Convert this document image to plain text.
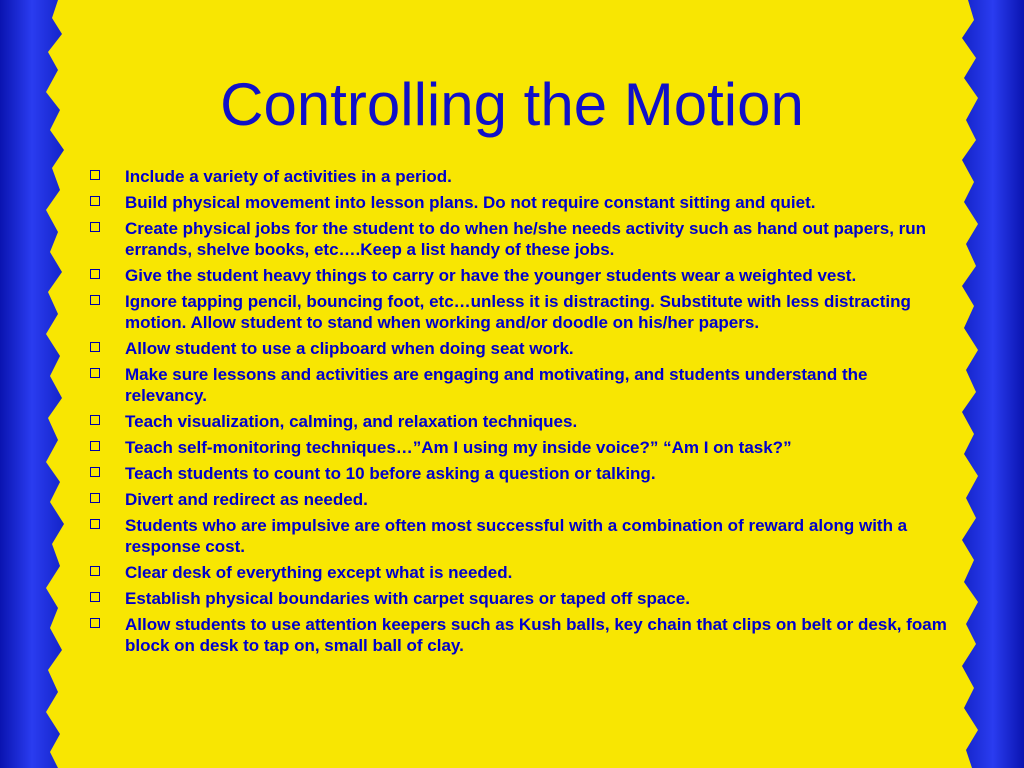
Controlling the Motion
Include a variety of activities in a period.
Build physical movement into lesson plans. Do not require constant sitting and quiet.
Create physical jobs for the student to do when he/she needs activity such as hand out papers, run errands, shelve books, etc….Keep a list handy of these jobs.
Give the student heavy things to carry or have the younger students wear a weighted vest.
Ignore tapping pencil, bouncing foot, etc…unless it is distracting. Substitute with less distracting motion. Allow student to stand when working and/or doodle on his/her papers.
Allow student to use a clipboard when doing seat work.
Make sure lessons and activities are engaging and motivating, and students understand the relevancy.
Teach visualization, calming, and relaxation techniques.
Teach self-monitoring techniques…”Am I using my inside voice?” “Am I on task?”
Teach students to count to 10 before asking a question or talking.
Divert and redirect as needed.
Students who are impulsive are often most successful with a combination of reward along with a response cost.
Clear desk of everything except what is needed.
Establish physical boundaries with carpet squares or taped off space.
Allow students to use attention keepers such as Kush balls, key chain that clips on belt or desk, foam block on desk to tap on, small ball of clay.
